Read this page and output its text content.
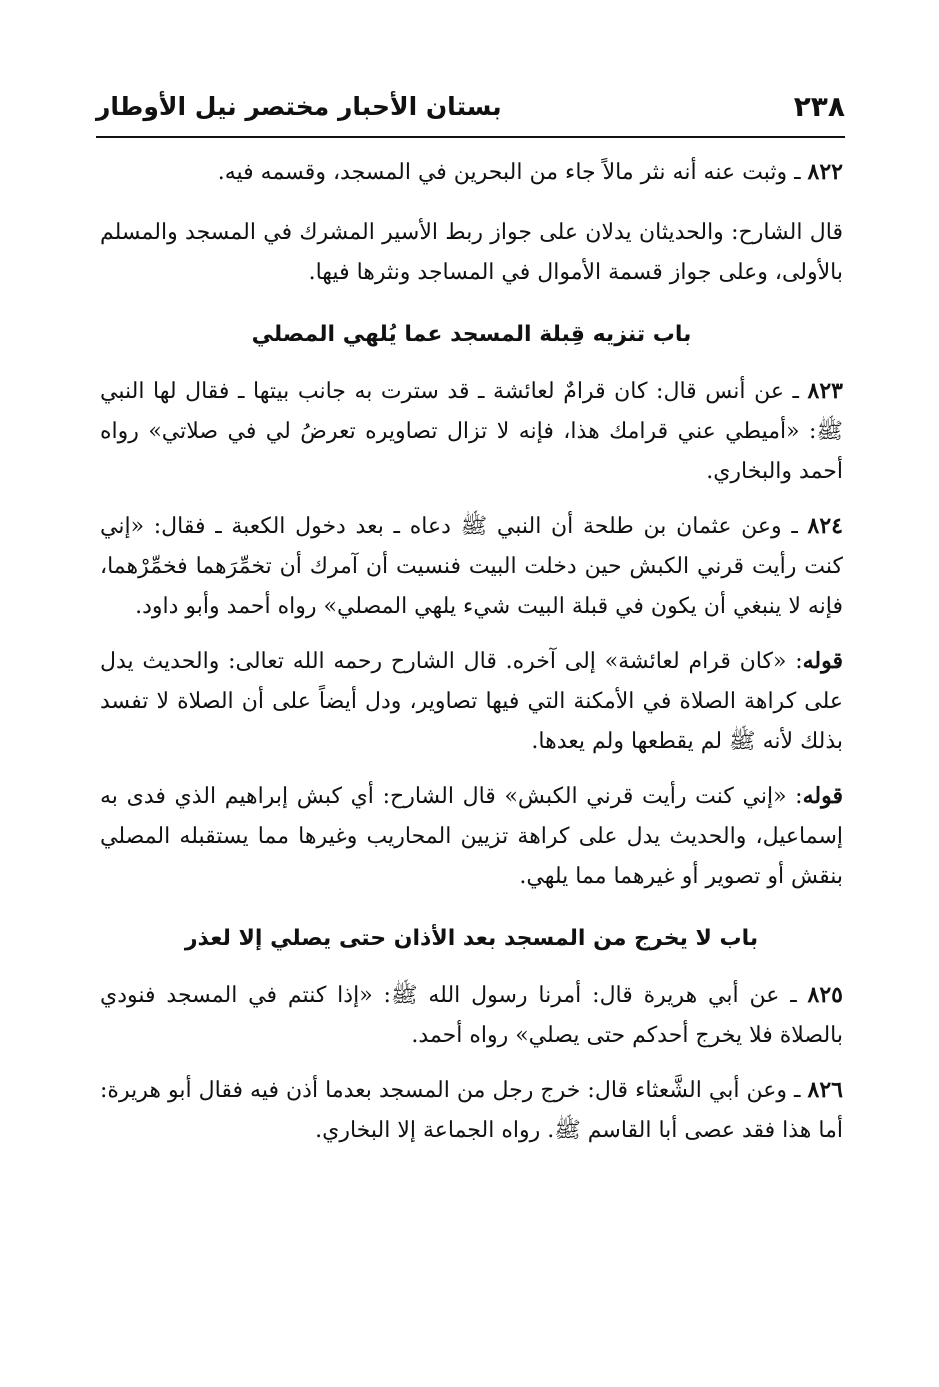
٢٣٨
بستان الأحبار مختصر نيل الأوطار

٨٢٢ ـ وثبت عنه أنه نثر مالاً جاء من البحرين في المسجد، وقسمه فيه.

قال الشارح: والحديثان يدلان على جواز ربط الأسير المشرك في المسجد والمسلم بالأولى، وعلى جواز قسمة الأموال في المساجد ونثرها فيها.

باب تنزيه قِبلة المسجد عما يُلهي المصلي

٨٢٣ ـ عن أنس قال: كان قرامٌ لعائشة ـ قد سترت به جانب بيتها ـ فقال لها النبي ﷺ: «أميطي عني قرامك هذا، فإنه لا تزال تصاويره تعرضُ لي في صلاتي» رواه أحمد والبخاري.

٨٢٤ ـ وعن عثمان بن طلحة أن النبي ﷺ دعاه ـ بعد دخول الكعبة ـ فقال: «إني كنت رأيت قرني الكبش حين دخلت البيت فنسيت أن آمرك أن تخمِّرَهما فخمِّرْهما، فإنه لا ينبغي أن يكون في قبلة البيت شيء يلهي المصلي» رواه أحمد وأبو داود.

قوله: «كان قرام لعائشة» إلى آخره. قال الشارح رحمه الله تعالى: والحديث يدل على كراهة الصلاة في الأمكنة التي فيها تصاوير، ودل أيضاً على أن الصلاة لا تفسد بذلك لأنه ﷺ لم يقطعها ولم يعدها.

قوله: «إني كنت رأيت قرني الكبش» قال الشارح: أي كبش إبراهيم الذي فدى به إسماعيل، والحديث يدل على كراهة تزيين المحاريب وغيرها مما يستقبله المصلي بنقش أو تصوير أو غيرهما مما يلهي.

باب لا يخرج من المسجد بعد الأذان حتى يصلي إلا لعذر

٨٢٥ ـ عن أبي هريرة قال: أمرنا رسول الله ﷺ: «إذا كنتم في المسجد فنودي بالصلاة فلا يخرج أحدكم حتى يصلي» رواه أحمد.

٨٢٦ ـ وعن أبي الشَّعثاء قال: خرج رجل من المسجد بعدما أذن فيه فقال أبو هريرة: أما هذا فقد عصى أبا القاسم ﷺ. رواه الجماعة إلا البخاري.
